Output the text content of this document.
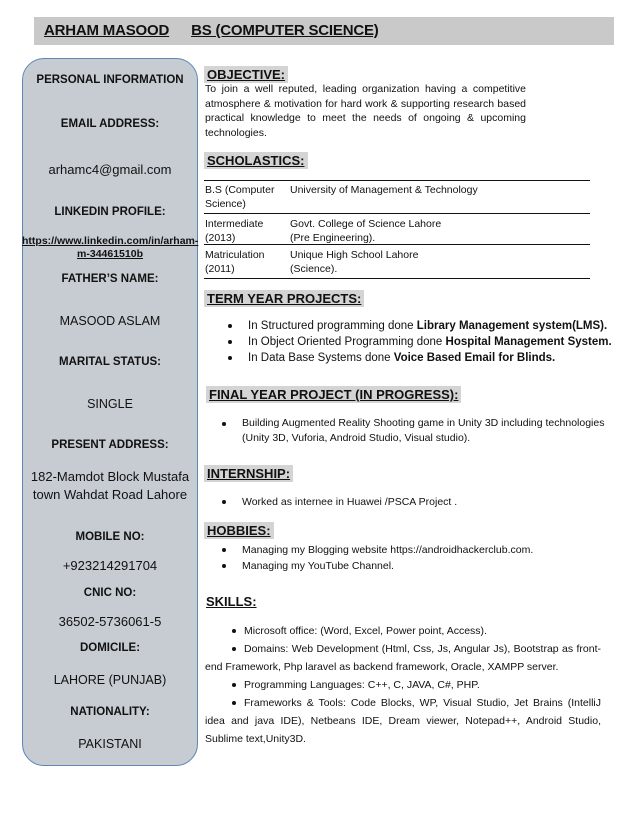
ARHAM MASOOD BS (COMPUTER SCIENCE)
PERSONAL INFORMATION
EMAIL ADDRESS:
arhamc4@gmail.com
LINKEDIN PROFILE:
https://www.linkedin.com/in/arham-
m-34461510b
FATHER’S NAME:
MASOOD ASLAM
MARITAL STATUS:
SINGLE
PRESENT ADDRESS:
182-Mamdot Block Mustafa
town Wahdat Road Lahore
MOBILE NO:
+923214291704
CNIC NO:
36502-5736061-5
DOMICILE:
LAHORE (PUNJAB)
NATIONALITY:
PAKISTANI
OBJECTIVE:
To join a well reputed, leading organization having a competitive atmosphere & motivation for hard work & supporting research based practical knowledge to meet the needs of ongoing & upcoming technologies.
SCHOLASTICS:
B.S (Computer
Science)
University of Management & Technology
Intermediate
(2013)
Govt. College of Science Lahore
(Pre Engineering).
Matriculation
(2011)
Unique High School Lahore
(Science).
TERM YEAR PROJECTS:
In Structured programming done Library Management system(LMS).
In Object Oriented Programming done Hospital Management System.
In Data Base Systems done Voice Based Email for Blinds.
FINAL YEAR PROJECT (IN PROGRESS):
Building Augmented Reality Shooting game in Unity 3D including technologies (Unity 3D, Vuforia, Android Studio, Visual studio).
INTERNSHIP:
Worked as internee in Huawei /PSCA Project .
HOBBIES:
Managing my Blogging website https://androidhackerclub.com.
Managing my YouTube Channel.
SKILLS:
Microsoft office: (Word, Excel, Power point, Access).
Domains: Web Development (Html, Css, Js, Angular Js), Bootstrap as front-end Framework, Php laravel as backend framework, Oracle, XAMPP server.
Programming Languages: C++, C, JAVA, C#, PHP.
Frameworks & Tools: Code Blocks, WP, Visual Studio, Jet Brains (IntelliJ idea and java IDE), Netbeans IDE, Dream viewer, Notepad++, Android Studio, Sublime text,Unity3D.
